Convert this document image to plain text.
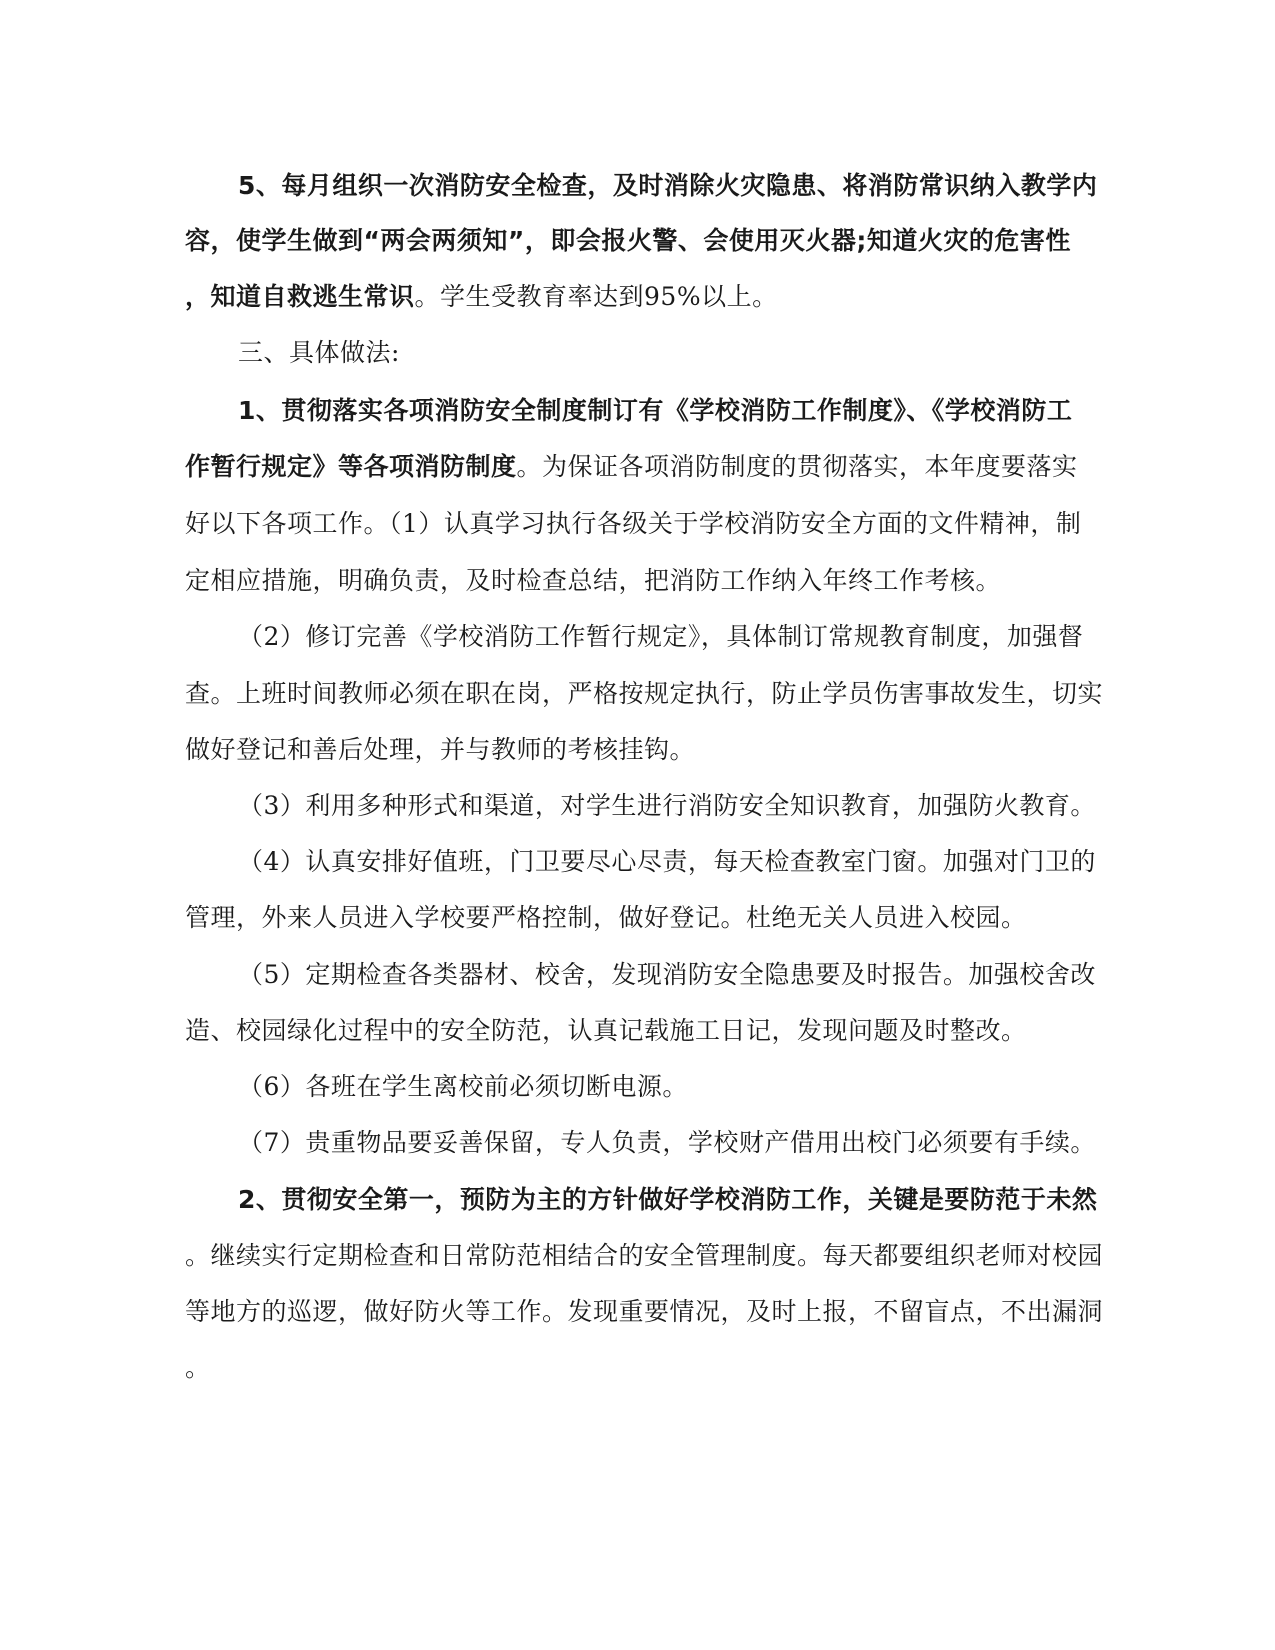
5、每月组织一次消防安全检查，及时消除火灾隐患、将消防常识纳入教学内
容，使学生做到“两会两须知”，即会报火警、会使用灭火器;知道火灾的危害性
，知道自救逃生常识。学生受教育率达到95%以上。
三、具体做法:
1、贯彻落实各项消防安全制度制订有《学校消防工作制度》、《学校消防工
作暂行规定》等各项消防制度。为保证各项消防制度的贯彻落实，本年度要落实
好以下各项工作。（1）认真学习执行各级关于学校消防安全方面的文件精神，制
定相应措施，明确负责，及时检查总结，把消防工作纳入年终工作考核。
（2）修订完善《学校消防工作暂行规定》，具体制订常规教育制度，加强督
查。上班时间教师必须在职在岗，严格按规定执行，防止学员伤害事故发生，切实
做好登记和善后处理，并与教师的考核挂钩。
（3）利用多种形式和渠道，对学生进行消防安全知识教育，加强防火教育。
（4）认真安排好值班，门卫要尽心尽责，每天检查教室门窗。加强对门卫的
管理，外来人员进入学校要严格控制，做好登记。杜绝无关人员进入校园。
（5）定期检查各类器材、校舍，发现消防安全隐患要及时报告。加强校舍改
造、校园绿化过程中的安全防范，认真记载施工日记，发现问题及时整改。
（6）各班在学生离校前必须切断电源。
（7）贵重物品要妥善保留，专人负责，学校财产借用出校门必须要有手续。
2、贯彻安全第一，预防为主的方针做好学校消防工作，关键是要防范于未然
。继续实行定期检查和日常防范相结合的安全管理制度。每天都要组织老师对校园
等地方的巡逻，做好防火等工作。发现重要情况，及时上报，不留盲点，不出漏洞
。
